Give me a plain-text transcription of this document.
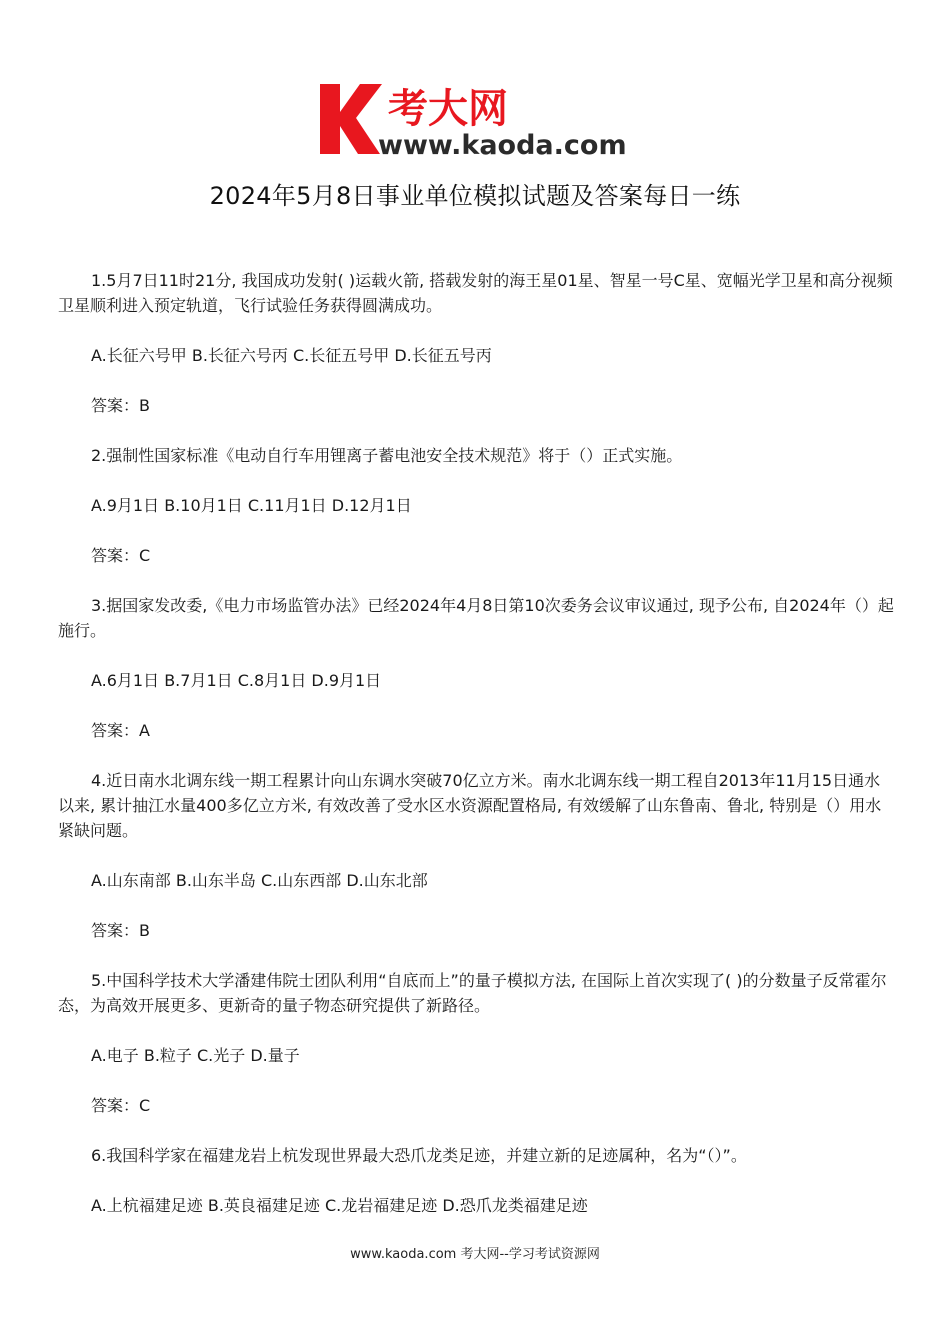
考大网
www.kaoda.com
2024年5月8日事业单位模拟试题及答案每日一练

1.5月7日11时21分, 我国成功发射( )运载火箭, 搭载发射的海王星01星、智星一号C星、宽幅光学卫星和高分视频卫星顺利进入预定轨道，飞行试验任务获得圆满成功。

A.长征六号甲 B.长征六号丙 C.长征五号甲 D.长征五号丙

答案：B

2.强制性国家标准《电动自行车用锂离子蓄电池安全技术规范》将于（）正式实施。

A.9月1日 B.10月1日 C.11月1日 D.12月1日

答案：C

3.据国家发改委,《电力市场监管办法》已经2024年4月8日第10次委务会议审议通过, 现予公布, 自2024年（）起施行。

A.6月1日 B.7月1日 C.8月1日 D.9月1日

答案：A

4.近日南水北调东线一期工程累计向山东调水突破70亿立方米。南水北调东线一期工程自2013年11月15日通水以来, 累计抽江水量400多亿立方米, 有效改善了受水区水资源配置格局, 有效缓解了山东鲁南、鲁北, 特别是（）用水紧缺问题。

A.山东南部 B.山东半岛 C.山东西部 D.山东北部

答案：B

5.中国科学技术大学潘建伟院士团队利用“自底而上”的量子模拟方法, 在国际上首次实现了( )的分数量子反常霍尔态，为高效开展更多、更新奇的量子物态研究提供了新路径。

A.电子 B.粒子 C.光子 D.量子

答案：C

6.我国科学家在福建龙岩上杭发现世界最大恐爪龙类足迹，并建立新的足迹属种，名为“（）”。

A.上杭福建足迹 B.英良福建足迹 C.龙岩福建足迹 D.恐爪龙类福建足迹

www.kaoda.com 考大网--学习考试资源网
